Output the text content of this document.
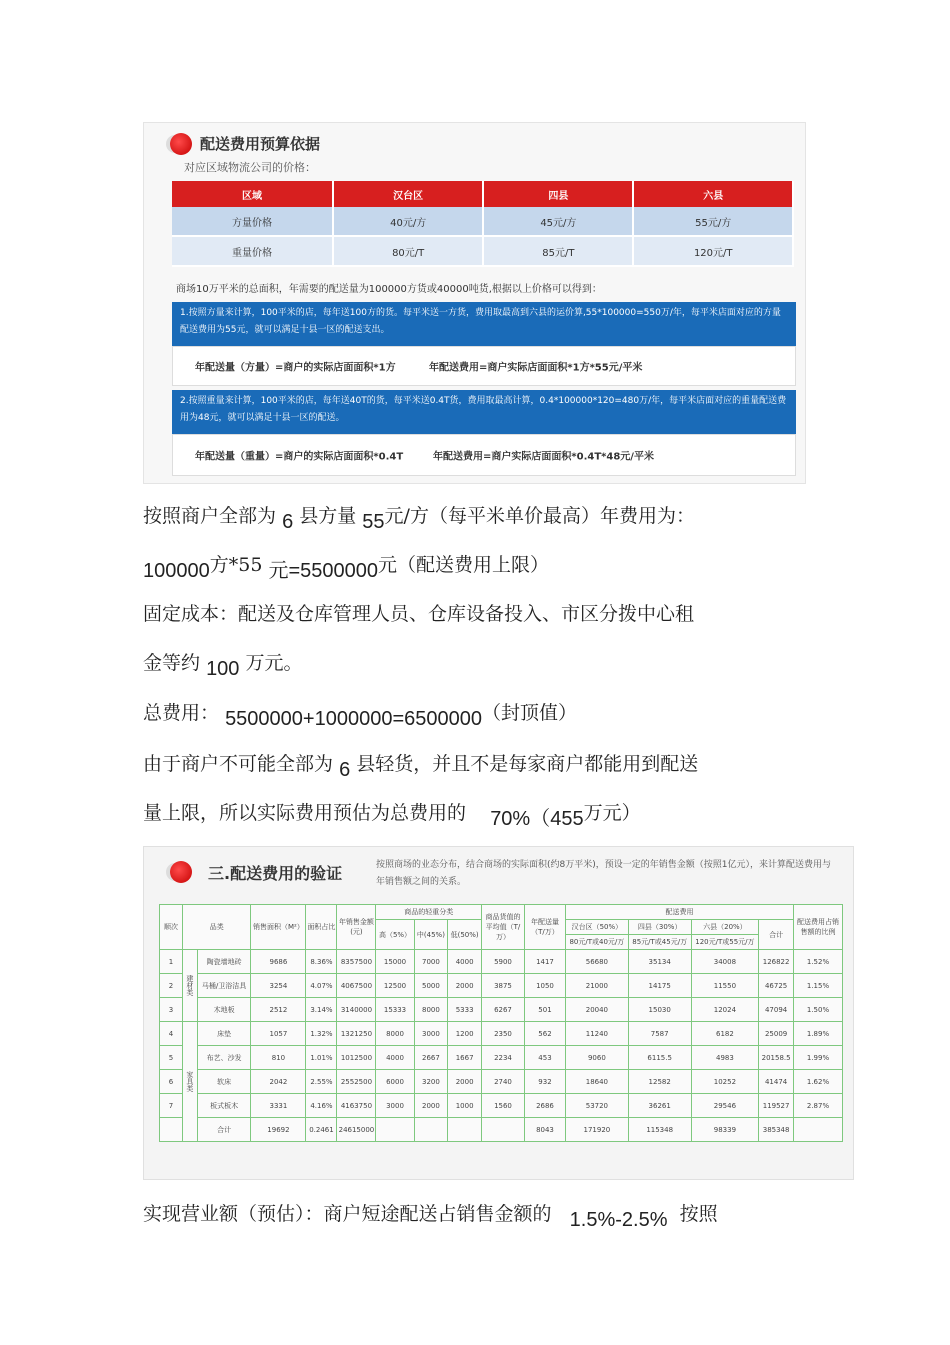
配送费用预算依据
对应区域物流公司的价格：
区域	汉台区	四县	六县
方量价格	40元/方	45元/方	55元/方
重量价格	80元/T	85元/T	120元/T
商场10万平米的总面积，年需要的配送量为100000方货或40000吨货,根据以上价格可以得到：
1.按照方量来计算，100平米的店，每年送100方的货。每平米送一方货，费用取最高到六县的运价算,55*100000=550万/年，每平米店面对应的方量配送费用为55元，就可以满足十县一区的配送支出。
年配送量（方量）=商户的实际店面面积*1方	年配送费用=商户实际店面面积*1方*55元/平米
2.按照重量来计算，100平米的店，每年送40T的货，每平米送0.4T货，费用取最高计算，0.4*100000*120=480万/年，每平米店面对应的重量配送费用为48元，就可以满足十县一区的配送。
年配送量（重量）=商户的实际店面面积*0.4T	年配送费用=商户实际店面面积*0.4T*48元/平米
按照商户全部为 6 县方量 55元/方（每平米单价最高）年费用为：
100000方*55 元=5500000元（配送费用上限）
固定成本：配送及仓库管理人员、仓库设备投入、市区分拨中心租
金等约 100 万元。
总费用： 5500000+1000000=6500000（封顶值）
由于商户不可能全部为 6 县轻货，并且不是每家商户都能用到配送
量上限，所以实际费用预估为总费用的 70%（455万元）
三.配送费用的验证	按照商场的业态分布，结合商场的实际面积(约8万平米)，预设一定的年销售金额（按照1亿元），来计算配送费用与年销售额之间的关系。
顺次	品类		销售面积（M²）	面积占比	年销售金额(元)	商品的轻重分类			商品货值的平均值（T/万）	年配送量（T/万）	配送费用				配送费用占销售额的比例
						高（5%）	中(45%)	低(50%)			汉台区（50%）	四县（30%）	六县（20%）	合计	
											80元/T或40元/万	85元/T或45元/万	120元/T或55元/万		
1	建材类	陶瓷墙地砖	9686	8.36%	8357500	15000	7000	4000	5900	1417	56680	35134	34008	126822	1.52%
2		马桶/卫浴洁具	3254	4.07%	4067500	12500	5000	2000	3875	1050	21000	14175	11550	46725	1.15%
3		木地板	2512	3.14%	3140000	15333	8000	5333	6267	501	20040	15030	12024	47094	1.50%
4	家具类	床垫	1057	1.32%	1321250	8000	3000	1200	2350	562	11240	7587	6182	25009	1.89%
5		布艺、沙发	810	1.01%	1012500	4000	2667	1667	2234	453	9060	6115.5	4983	20158.5	1.99%
6		软床	2042	2.55%	2552500	6000	3200	2000	2740	932	18640	12582	10252	41474	1.62%
7		板式板木	3331	4.16%	4163750	3000	2000	1000	1560	2686	53720	36261	29546	119527	2.87%
		合计	19692	0.2461	24615000					8043	171920	115348	98339	385348	
实现营业额（预估）：商户短途配送占销售金额的 1.5%-2.5% 按照
